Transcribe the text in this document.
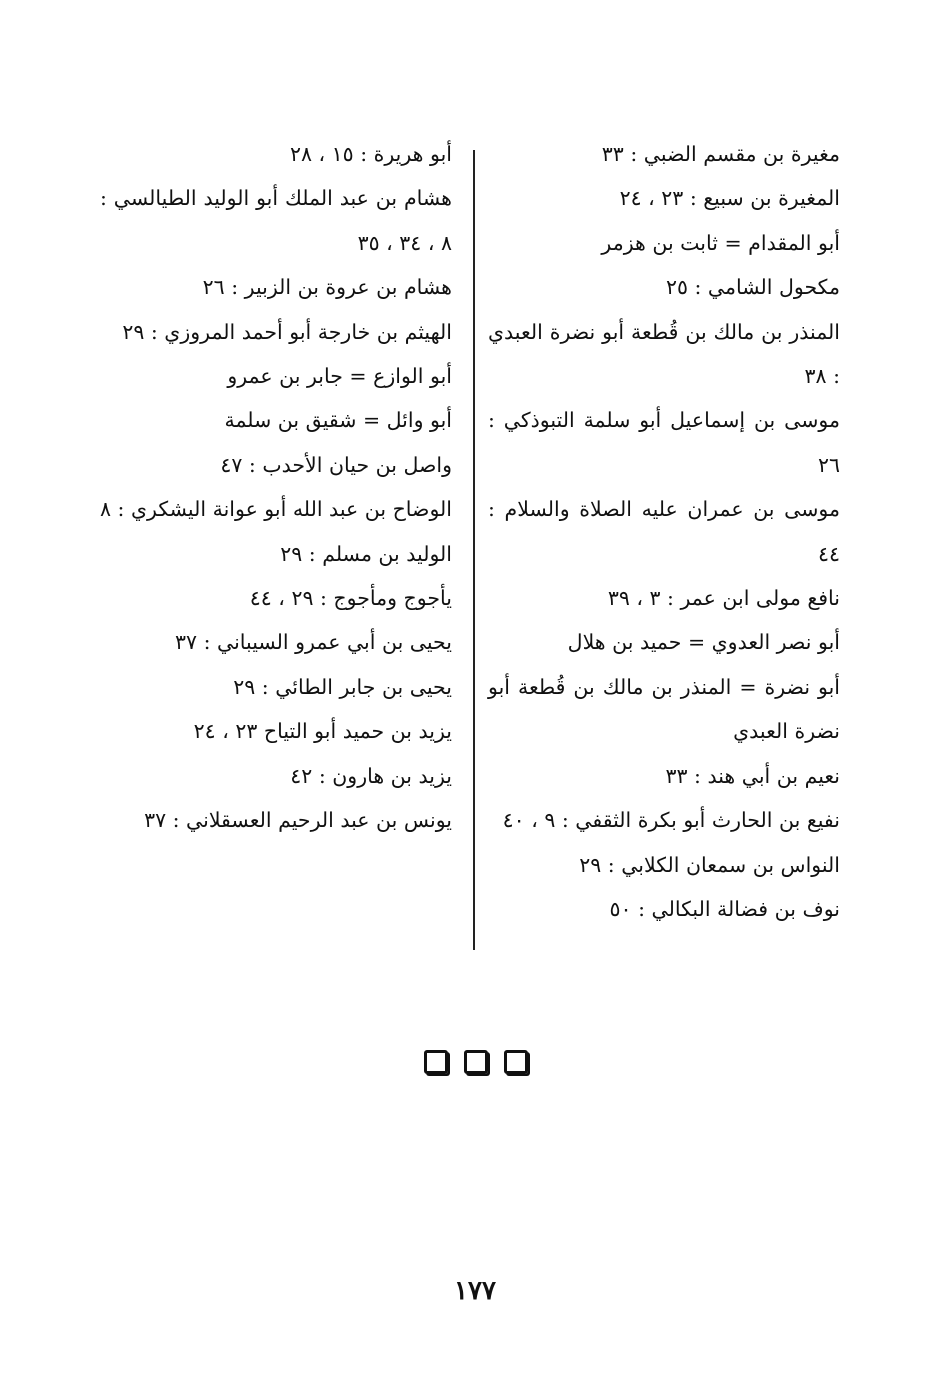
مغيرة بن مقسم الضبي : ٣٣
المغيرة بن سبيع : ٢٣ ، ٢٤
أبو المقدام = ثابت بن هزمر
مكحول الشامي : ٢٥
المنذر بن مالك بن قُطعة أبو نضرة العبدي : ٣٨
موسى بن إسماعيل أبو سلمة التبوذكي : ٢٦
موسى بن عمران عليه الصلاة والسلام : ٤٤
نافع مولى ابن عمر : ٣ ، ٣٩
أبو نصر العدوي = حميد بن هلال
أبو نضرة = المنذر بن مالك بن قُطعة أبو نضرة العبدي
نعيم بن أبي هند : ٣٣
نفيع بن الحارث أبو بكرة الثقفي : ٩ ، ٤٠
النواس بن سمعان الكلابي : ٢٩
نوف بن فضالة البكالي : ٥٠
أبو هريرة : ١٥ ، ٢٨
هشام بن عبد الملك أبو الوليد الطيالسي : ٨ ، ٣٤ ، ٣٥
هشام بن عروة بن الزبير : ٢٦
الهيثم بن خارجة أبو أحمد المروزي : ٢٩
أبو الوازع = جابر بن عمرو
أبو وائل = شقيق بن سلمة
واصل بن حيان الأحدب : ٤٧
الوضاح بن عبد الله أبو عوانة اليشكري : ٨
الوليد بن مسلم : ٢٩
يأجوج ومأجوج : ٢٩ ، ٤٤
يحيى بن أبي عمرو السيباني : ٣٧
يحيى بن جابر الطائي : ٢٩
يزيد بن حميد أبو التياح ٢٣ ، ٢٤
يزيد بن هارون : ٤٢
يونس بن عبد الرحيم العسقلاني : ٣٧
١٧٧
